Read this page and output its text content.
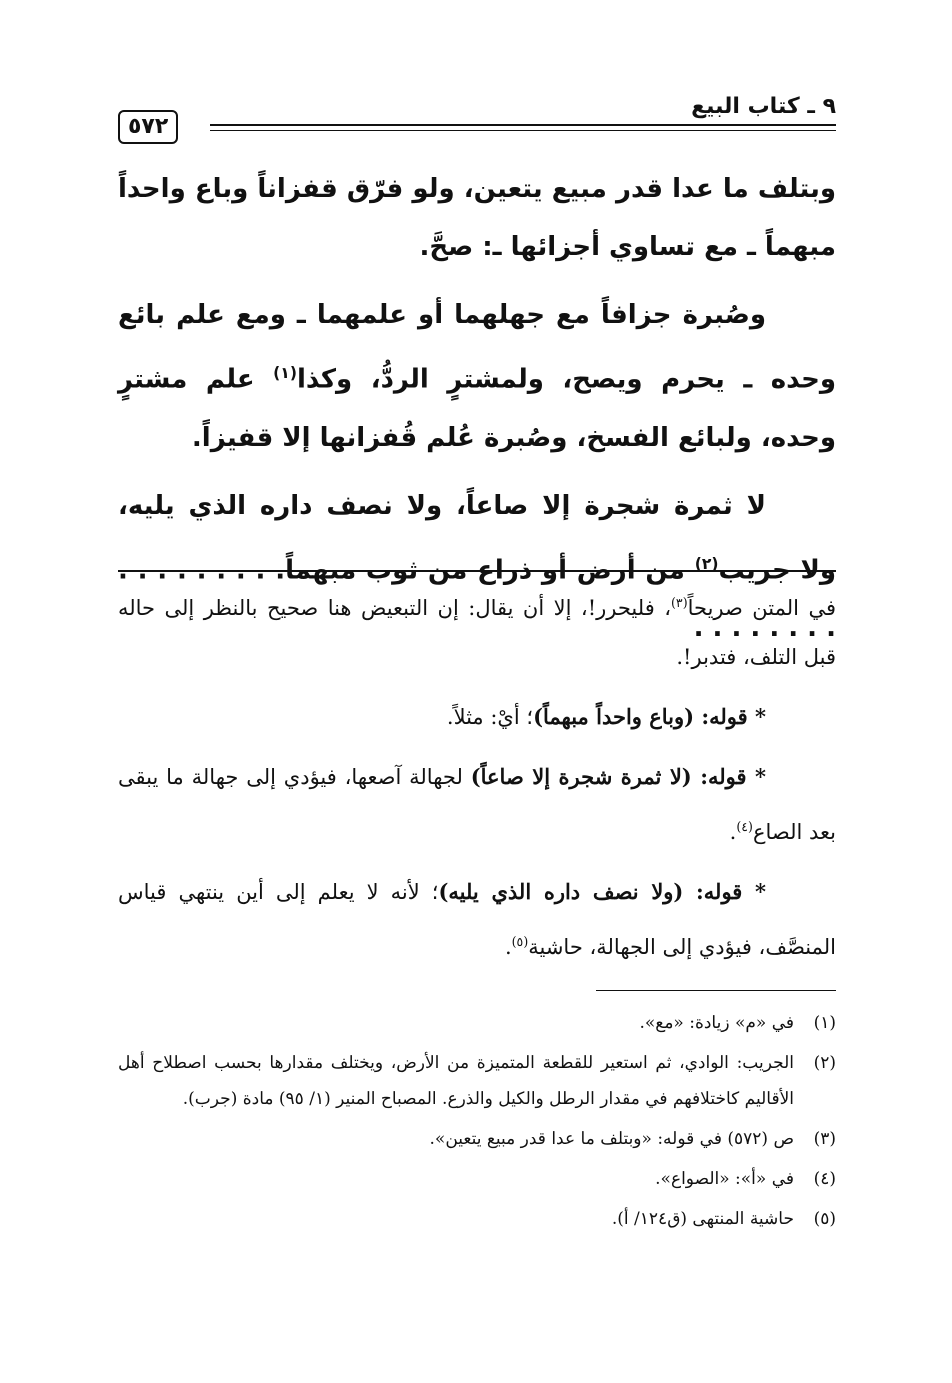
٩ ـ كتاب البيع
٥٧٢

وبتلف ما عدا قدر مبيع يتعين، ولو فرّق قفزاناً وباع واحداً مبهماً ـ مع تساوي أجزائها ـ: صحَّ.

وصُبرة جزافاً مع جهلهما أو علمهما ـ ومع علم بائع وحده ـ يحرم ويصح، ولمشترٍ الردُّ، وكذا$^{(١)}$ علم مشترٍ وحده، ولبائع الفسخ، وصُبرة عُلم قُفزانها إلا قفيزاً.

لا ثمرة شجرة إلا صاعاً، ولا نصف داره الذي يليه، ولا جريب$^{(٢)}$ من أرض أو ذراع من ثوب مبهماً. . . . . . . . . . . . . . . . .

في المتن صريحاً$^{(٣)}$، فليحرر!، إلا أن يقال: إن التبعيض هنا صحيح بالنظر إلى حاله قبل التلف، فتدبر!.

* قوله: (وباع واحداً مبهماً)؛ أيْ: مثلاً.

* قوله: (لا ثمرة شجرة إلا صاعاً) لجهالة آصعها، فيؤدي إلى جهالة ما يبقى بعد الصاع$^{(٤)}$.

* قوله: (ولا نصف داره الذي يليه)؛ لأنه لا يعلم إلى أين ينتهي قياس المنصَّف، فيؤدي إلى الجهالة، حاشية$^{(٥)}$.

(١)
في «م» زيادة: «مع».
(٢)
الجريب: الوادي، ثم استعير للقطعة المتميزة من الأرض، ويختلف مقدارها بحسب اصطلاح أهل الأقاليم كاختلافهم في مقدار الرطل والكيل والذرع. المصباح المنير (١/ ٩٥) مادة (جرب).
(٣)
ص (٥٧٢) في قوله: «وبتلف ما عدا قدر مبيع يتعين».
(٤)
في «أ»: «الصواع».
(٥)
حاشية المنتهى (ق١٢٤/ أ).
